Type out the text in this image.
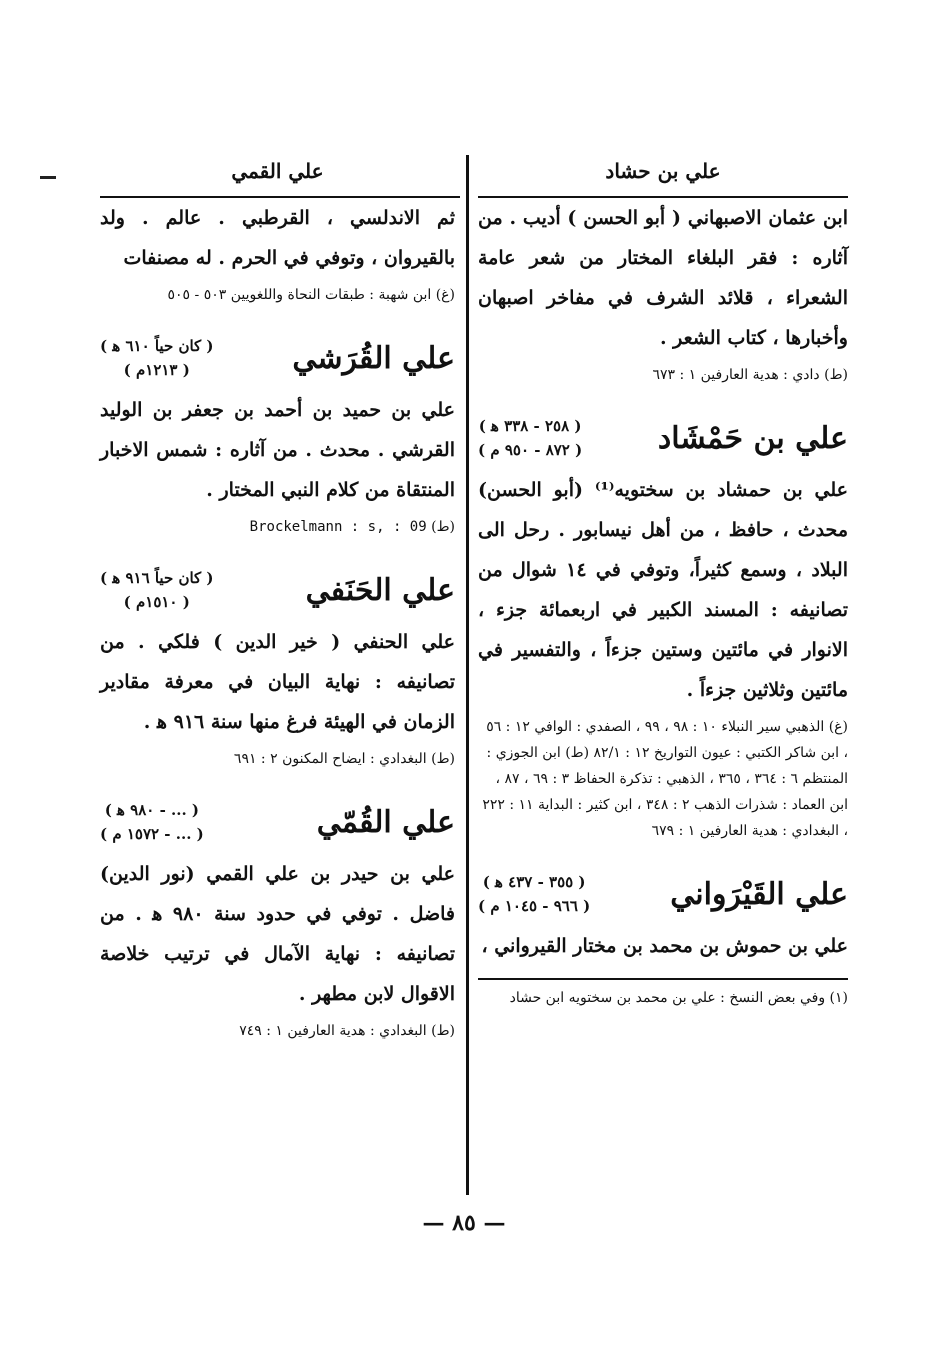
علي بن حشاد

ابن عثمان الاصبهاني ( أبو الحسن ) أديب . من آثاره : فقر البلغاء المختار من شعر عامة الشعراء ، قلائد الشرف في مفاخر اصبهان وأخبارها ، كتاب الشعر .

(ط) دادي : هدية العارفين ١ : ٦٧٣

علي بن حَمْشَاد
( ٢٥٨ - ٣٣٨ ﻫ )
( ٨٧٢ - ٩٥٠ م )

علي بن حمشاد بن سختويه⁽¹⁾ (أبو الحسن) محدث ، حافظ ، من أهل نيسابور . رحل الى البلاد ، وسمع كثيراً، وتوفي في ١٤ شوال من تصانيفه : المسند الكبير في اربعمائة جزء ، الانوار في مائتين وستين جزءاً ، والتفسير في مائتين وثلاثين جزءاً .

(غ) الذهبي سير النبلاء ١٠ : ٩٨ ، ٩٩ ، الصفدي : الوافي ١٢ : ٥٦ ، ابن شاكر الكتبي : عيون التواريخ ١٢ : ٨٢/١ (ط) ابن الجوزي : المنتظم ٦ : ٣٦٤ ، ٣٦٥ ، الذهبي : تذكرة الحفاظ ٣ : ٦٩ ، ٨٧ ، ابن العماد : شذرات الذهب ٢ : ٣٤٨ ، ابن كثير : البداية ١١ : ٢٢٢ ، البغدادي : هدية العارفين ١ : ٦٧٩

علي القَيْرَواني
( ٣٥٥ - ٤٣٧ ﻫ )
( ٩٦٦ - ١٠٤٥ م )

علي بن حموش بن محمد بن مختار القيرواني ،

(١) وفي بعض النسخ : علي بن محمد بن سختويه ابن حشاد

علي القمي

ثم الاندلسي ، القرطبي . عالم . ولد بالقيروان ، وتوفي في الحرم . له مصنفات

(غ) ابن شهبة : طبقات النحاة واللغويين ٥٠٣ - ٥٠٥

علي القُرَشي
( كان حياً ٦١٠ ﻫ )
( ١٢١٣م )

علي بن حميد بن أحمد بن جعفر بن الوليد القرشي . محدث . من آثاره : شمس الاخبار المنتقاة من كلام النبي المختار .

(ط) Brockelmann : s, : 09

علي الحَنَفي
( كان حياً ٩١٦ ﻫ )
( ١٥١٠م )

علي الحنفي ( خير الدين ) فلكي . من تصانيفه : نهاية البيان في معرفة مقادير الزمان في الهيئة فرغ منها سنة ٩١٦ ﻫ .

(ط) البغدادي : ايضاح المكنون ٢ : ٦٩١

علي القُمّي
( ... - ٩٨٠ ﻫ )
( ... - ١٥٧٢ م )

علي بن حيدر بن علي القمي (نور الدين) فاضل . توفي في حدود سنة ٩٨٠ ﻫ . من تصانيفه : نهاية الآمال في ترتيب خلاصة الاقوال لابن مطهر .

(ط) البغدادي : هدية العارفين ١ : ٧٤٩

— ٨٥ —
